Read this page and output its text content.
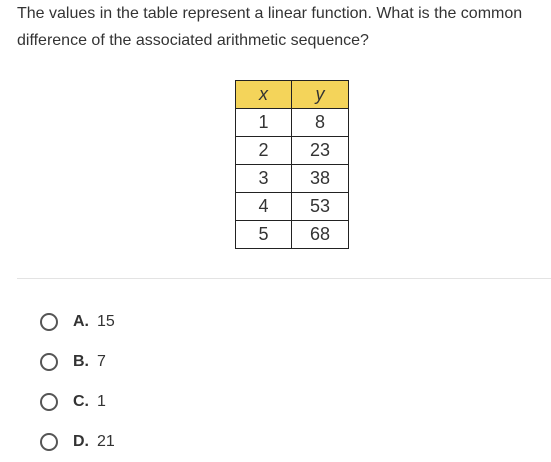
The values in the table represent a linear function. What is the common
difference of the associated arithmetic sequence?

x	y
1	8
2	23
3	38
4	53
5	68
A. 15
B. 7
C. 1
D. 21
